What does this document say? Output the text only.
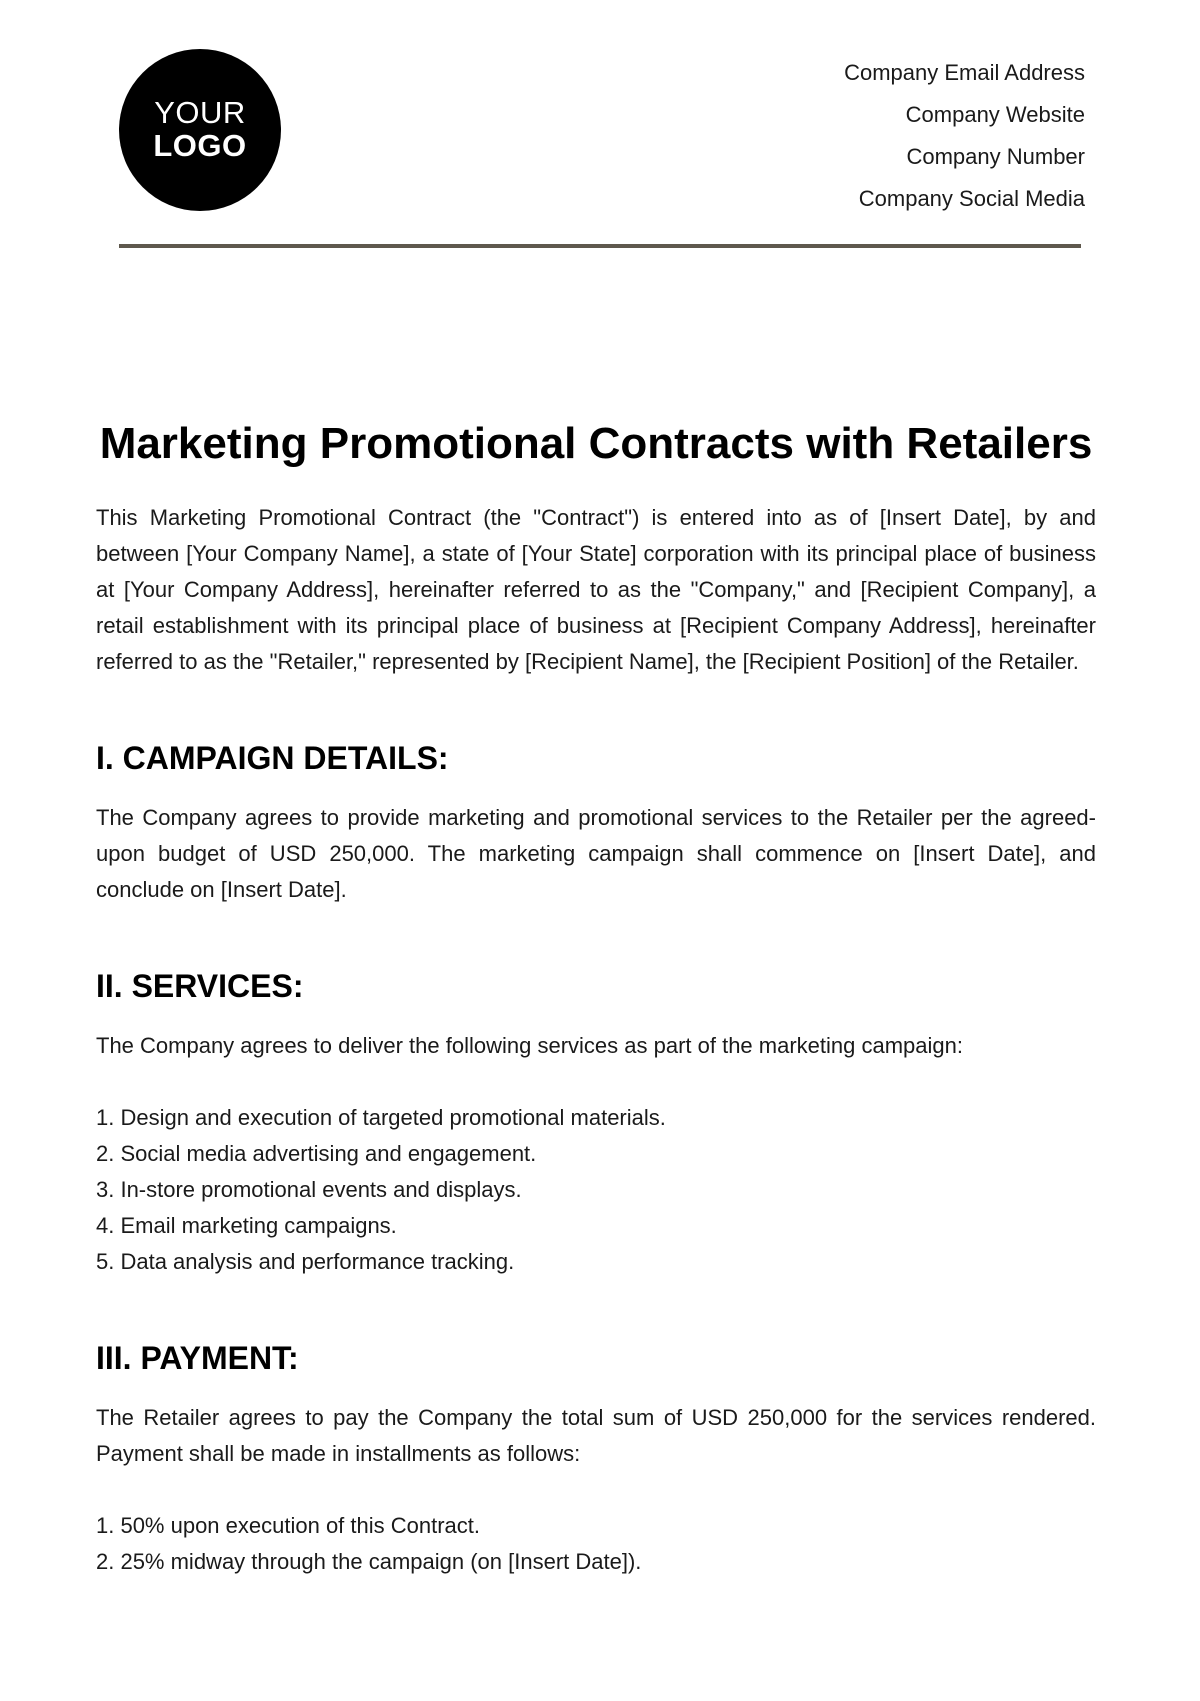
YOUR
LOGO
Company Email Address
Company Website
Company Number
Company Social Media
Marketing Promotional Contracts with Retailers

This Marketing Promotional Contract (the "Contract") is entered into as of [Insert Date], by and between [Your Company Name], a state of [Your State] corporation with its principal place of business at [Your Company Address], hereinafter referred to as the "Company," and [Recipient Company], a retail establishment with its principal place of business at [Recipient Company Address], hereinafter referred to as the "Retailer," represented by [Recipient Name], the [Recipient Position] of the Retailer.

I. CAMPAIGN DETAILS:

The Company agrees to provide marketing and promotional services to the Retailer per the agreed-upon budget of USD 250,000. The marketing campaign shall commence on [Insert Date], and conclude on [Insert Date].

II. SERVICES:

The Company agrees to deliver the following services as part of the marketing campaign:

1. Design and execution of targeted promotional materials.
2. Social media advertising and engagement.
3. In-store promotional events and displays.
4. Email marketing campaigns.
5. Data analysis and performance tracking.
III. PAYMENT:

The Retailer agrees to pay the Company the total sum of USD 250,000 for the services rendered. Payment shall be made in installments as follows:

1. 50% upon execution of this Contract.
2. 25% midway through the campaign (on [Insert Date]).
